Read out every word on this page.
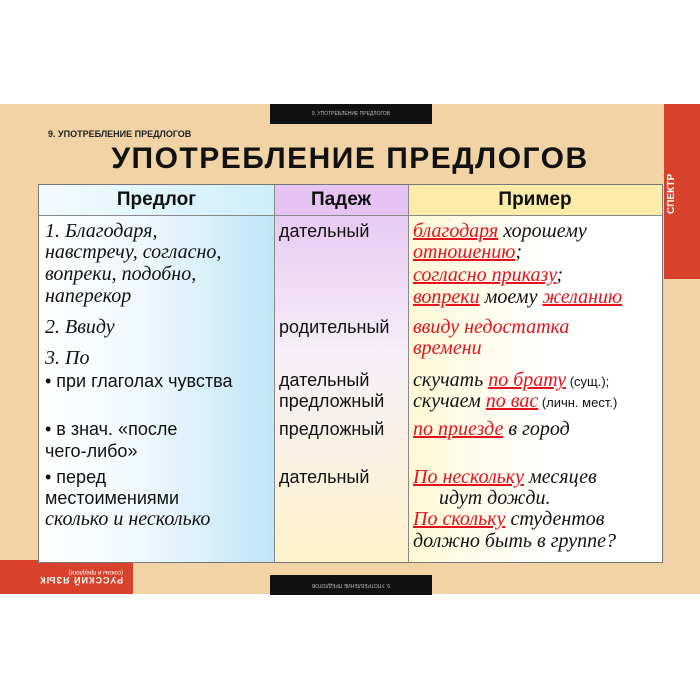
9. УПОТРЕБЛЕНИЕ ПРЕДЛОГОВ
9. УПОТРЕБЛЕНИЕ ПРЕДЛОГОВ
СПЕКТР
РУССКИЙ ЯЗЫК
(союзы и предлоги)
9. УПОТРЕБЛЕНИЕ ПРЕДЛОГОВ
УПОТРЕБЛЕНИЕ ПРЕДЛОГОВ
Предлог	Падеж	Пример
1. Благодаря,
навстречу, согласно,
вопреки, подобно,
наперекор
2. Ввиду
3. По
• при глаголах чувства
• в знач. «после
чего-либо»
• перед
местоимениями
сколько и несколько
дательный
родительный
дательный
предложный
предложный
дательный
благодаря хорошему
отношению;
согласно приказу;
вопреки моему желанию
ввиду недостатка
времени
скучать по брату (сущ.);
скучаем по вас (личн. мест.)
по приезде в город
По нескольку месяцев
идут дожди.
По скольку студентов
должно быть в группе?
